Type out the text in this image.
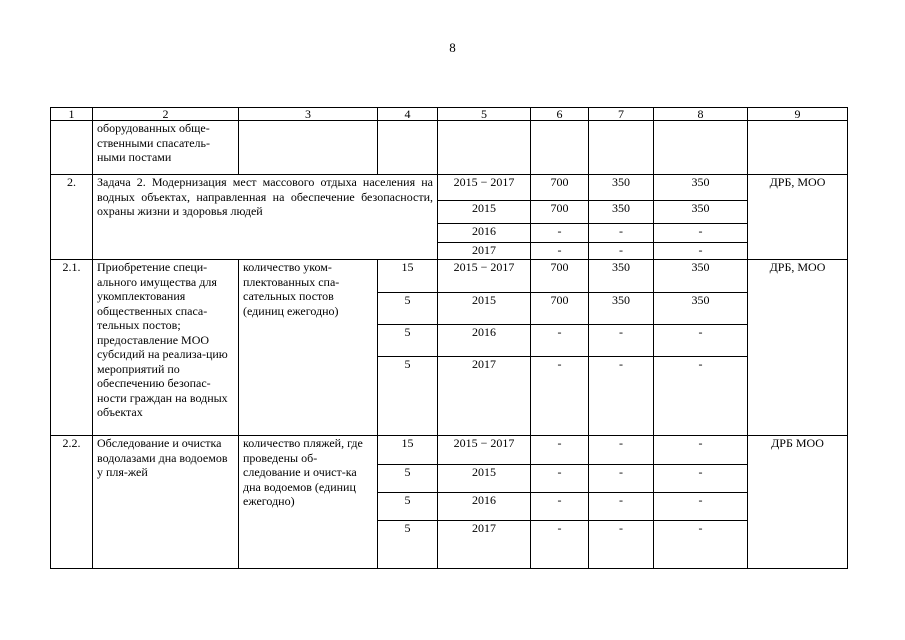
8
1	2	3	4	5	6	7	8	9
	оборудованных обще-ственными спасатель-ными постами							
2.	Задача 2. Модернизация мест массового отдыха населения на водных объектах, направленная на обеспечение безопасности, охраны жизни и здоровья людей			2015 − 2017	700	350	350	ДРБ, МОО
				2015	700	350	350	
				2016	-	-	-	
				2017	-	-	-	
2.1.	Приобретение специ-ального имущества для укомплектования общественных спаса-тельных постов; предоставление МОО субсидий на реализа-цию мероприятий по обеспечению безопас-ности граждан на водных объектах	количество уком-плектованных спа-сательных постов (единиц ежегодно)	15	2015 − 2017	700	350	350	ДРБ, МОО
			5	2015	700	350	350	
			5	2016	-	-	-	
			5	2017	-	-	-	
2.2.	Обследование и очистка водолазами дна водоемов у пля-жей	количество пляжей, где проведены об-следование и очист-ка дна водоемов (единиц ежегодно)	15	2015 − 2017	-	-	-	ДРБ МОО
			5	2015	-	-	-	
			5	2016	-	-	-	
			5	2017	-	-	-	
